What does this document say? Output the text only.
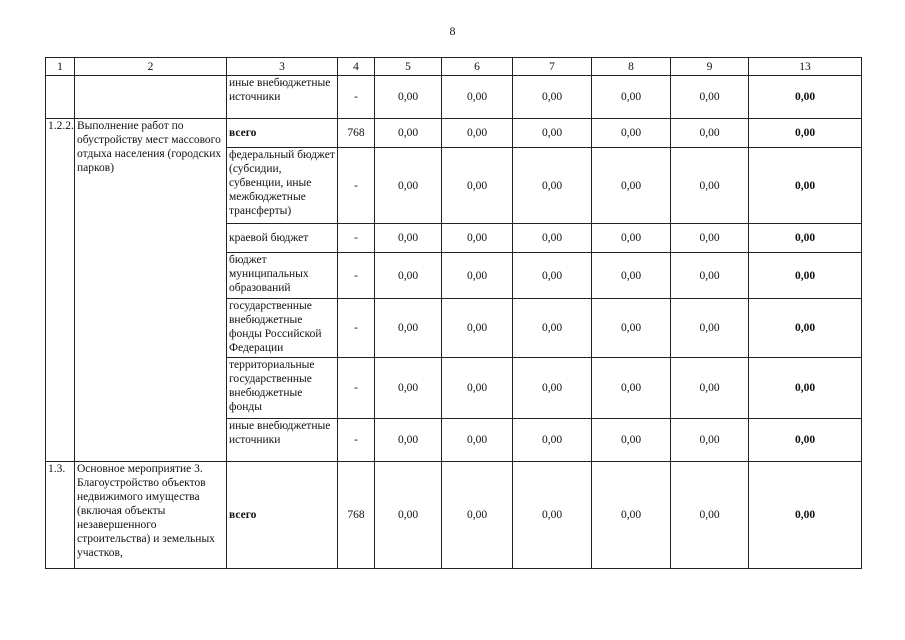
8
1	2	3	4	5	6	7	8	9	13
		иные внебюджетные источники	-	0,00	0,00	0,00	0,00	0,00	0,00
1.2.2.	Выполнение работ по обустройству мест массового отдыха населения (городских парков)	всего	768	0,00	0,00	0,00	0,00	0,00	0,00
		федеральный бюджет (субсидии, субвенции, иные межбюджетные трансферты)	-	0,00	0,00	0,00	0,00	0,00	0,00
		краевой бюджет	-	0,00	0,00	0,00	0,00	0,00	0,00
		бюджет муниципальных образований	-	0,00	0,00	0,00	0,00	0,00	0,00
		государственные внебюджетные фонды Российской Федерации	-	0,00	0,00	0,00	0,00	0,00	0,00
		территориальные государственные внебюджетные фонды	-	0,00	0,00	0,00	0,00	0,00	0,00
		иные внебюджетные источники	-	0,00	0,00	0,00	0,00	0,00	0,00
1.3.	Основное мероприятие 3. Благоустройство объектов недвижимого имущества (включая объекты незавершенного строительства) и земельных участков,	всего	768	0,00	0,00	0,00	0,00	0,00	0,00
